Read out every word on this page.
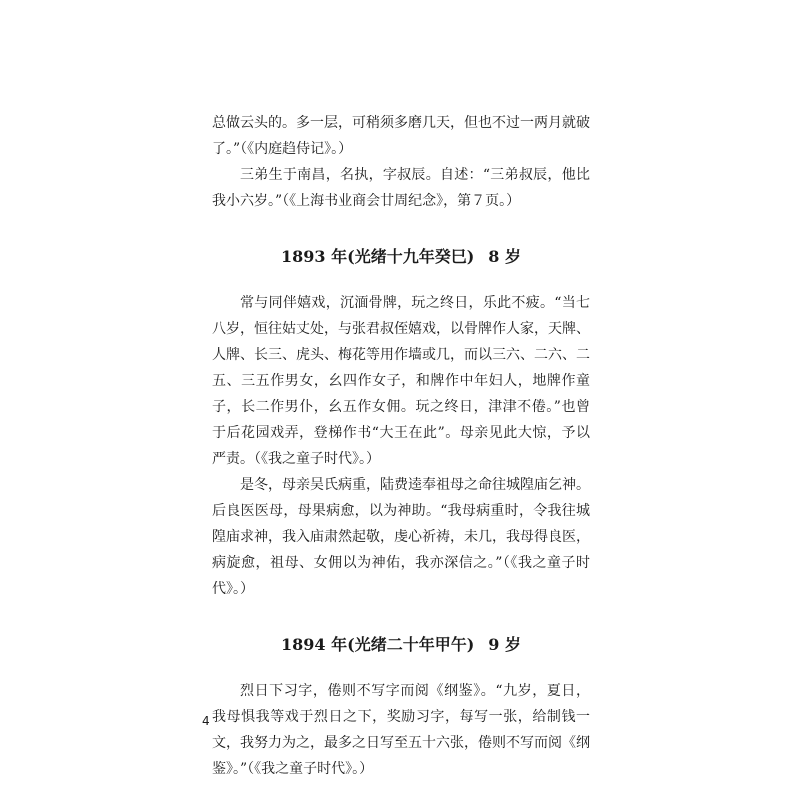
总做云头的。多一层，可稍须多磨几天，但也不过一两月就破了。”（《内庭趋侍记》。）

三弟生于南昌，名执，字叔辰。自述：“三弟叔辰，他比我小六岁。”（《上海书业商会廿周纪念》，第７页。）

1893 年(光绪十九年癸巳) 8 岁

常与同伴嬉戏，沉湎骨牌，玩之终日，乐此不疲。“当七八岁，恒往姑丈处，与张君叔侄嬉戏，以骨牌作人家，天牌、人牌、长三、虎头、梅花等用作墙或几，而以三六、二六、二五、三五作男女，幺四作女子，和牌作中年妇人，地牌作童子，长二作男仆，幺五作女佣。玩之终日，津津不倦。”也曾于后花园戏弄，登梯作书“大王在此”。母亲见此大惊，予以严责。（《我之童子时代》。）

是冬，母亲吴氏病重，陆费逵奉祖母之命往城隍庙乞神。后良医医母，母果病愈，以为神助。“我母病重时，令我往城隍庙求神，我入庙肃然起敬，虔心祈祷，未几，我母得良医，病旋愈，祖母、女佣以为神佑，我亦深信之。”（《我之童子时代》。）

1894 年(光绪二十年甲午) 9 岁

烈日下习字，倦则不写字而阅《纲鉴》。“九岁，夏日，我母惧我等戏于烈日之下，奖励习字，每写一张，给制钱一文，我努力为之，最多之日写至五十六张，倦则不写而阅《纲鉴》。”（《我之童子时代》。）

4
